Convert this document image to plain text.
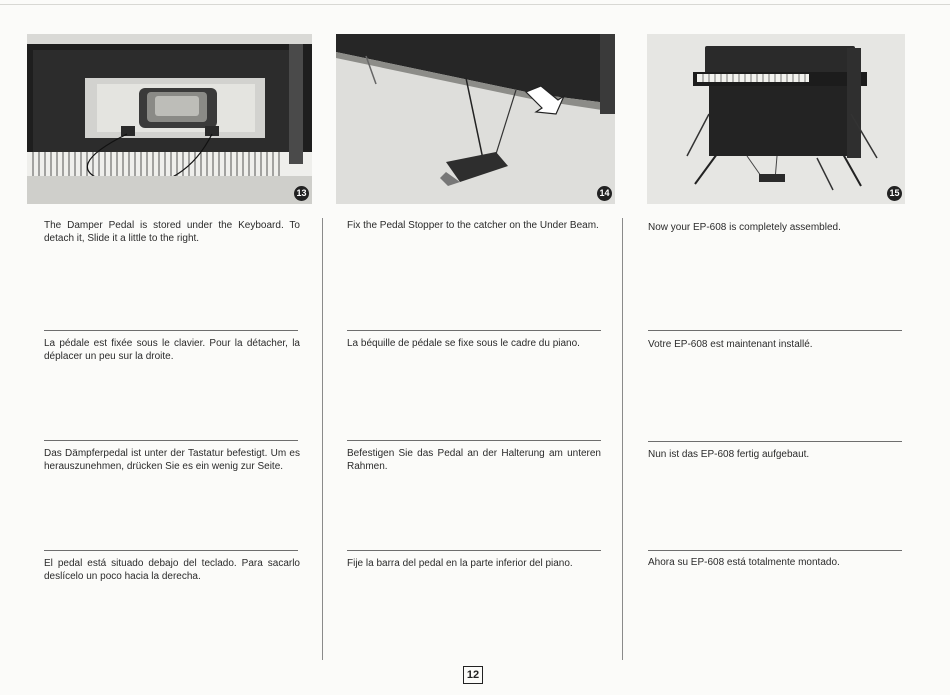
13	14	15
The Damper Pedal is stored under the Keyboard. To detach it, Slide it a little to the right.
La pédale est fixée sous le clavier. Pour la détacher, la déplacer un peu sur la droite.
Das Dämpferpedal ist unter der Tastatur befestigt. Um es herauszunehmen, drücken Sie es ein wenig zur Seite.
El pedal está situado debajo del teclado. Para sacarlo deslícelo un poco hacia la derecha.
Fix the Pedal Stopper to the catcher on the Under Beam.
La béquille de pédale se fixe sous le cadre du piano.
Befestigen Sie das Pedal an der Halterung am unteren Rahmen.
Fije la barra del pedal en la parte inferior del piano.
Now your EP-608 is completely assembled.
Votre EP-608 est maintenant installé.
Nun ist das EP-608 fertig aufgebaut.
Ahora su EP-608 está totalmente montado.
12
